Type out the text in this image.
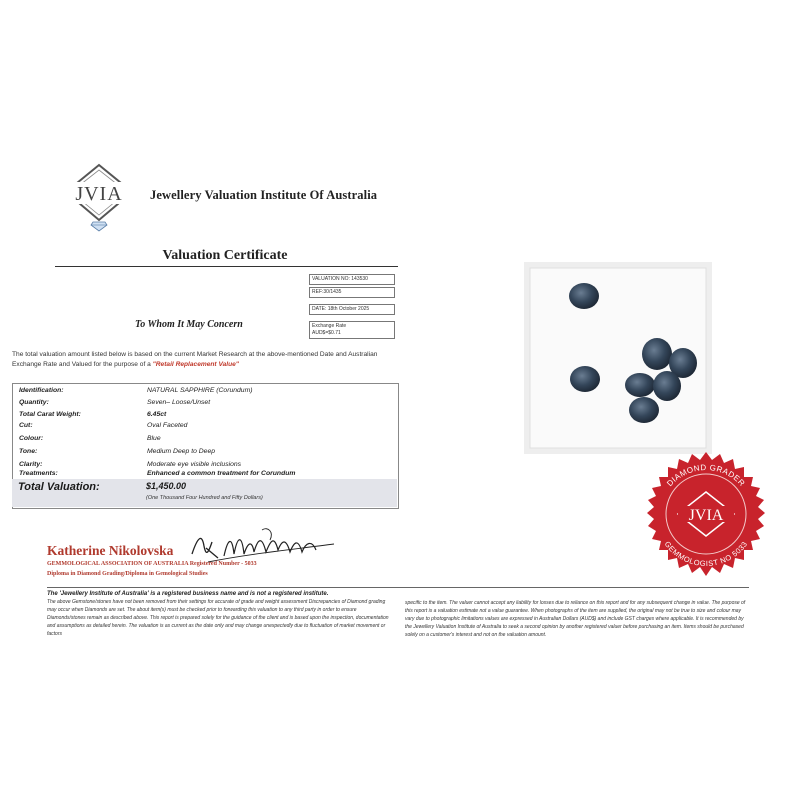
JVIA Jewellery Valuation Institute Of Australia
Valuation Certificate
VALUATION NO: 143530
REF:30/1435
DATE: 18th October 2025
Exchange Rate
AUD$=$0.71
To Whom It May Concern
The total valuation amount listed below is based on the current Market Research at the above-mentioned Date and Australian Exchange Rate and Valued for the purpose of a "Retail Replacement Value"
Identification:	NATURAL SAPPHIRE (Corundum)
Quantity:	Seven– Loose/Unset
Total Carat Weight:	6.45ct
Cut:	Oval Faceted
Colour:	Blue
Tone:	Medium Deep to Deep
Clarity:	Moderate eye visible inclusions
Treatments:	Enhanced a common treatment for Corundum
Total Valuation:	$1,450.00
(One Thousand Four Hundred and Fifty Dollars)
Katherine Nikolovska
GEMMOLOGICAL ASSOCIATION OF AUSTRALIA Registered Number - 5033
Diploma in Diamond Grading/Diploma in Gemological Studies
The 'Jewellery Institute of Australia' is a registered business name and is not a registered institute.
The above Gemstone/stones have not been removed from their settings for accurate of grade and weight assessment Discrepancies of Diamond grading may occur when Diamonds are set. The about item(s) must be checked prior to forwarding this valuation to any third party in order to ensure Diamonds/stones remain as described above. This report is prepared solely for the guidance of the client and is based upon the inspection, documentation and assumptions as detailed herein. The valuation is as current as the date only and may change unexpectedly due to fluctuation of market movement or factors
specific to the item. The valuer cannot accept any liability for losses due to reliance on this report and for any subsequent change in value. The purpose of this report is a valuation estimate not a value guarantee. When photographs of the item are supplied, the original may not be true to size and colour may vary due to photographic limitations values are expressed in Australian Dollars (AUD$) and include GST charges where applicable. It is recommended by the Jewellery Valuation Institute of Australia to seek a second opinion by another registered valuer before purchasing an item. Items should be purchased solely on a customer's interest and not on the valuation amount.
DIAMOND GRADER
GEMMOLOGIST NO 5033
JVIA
